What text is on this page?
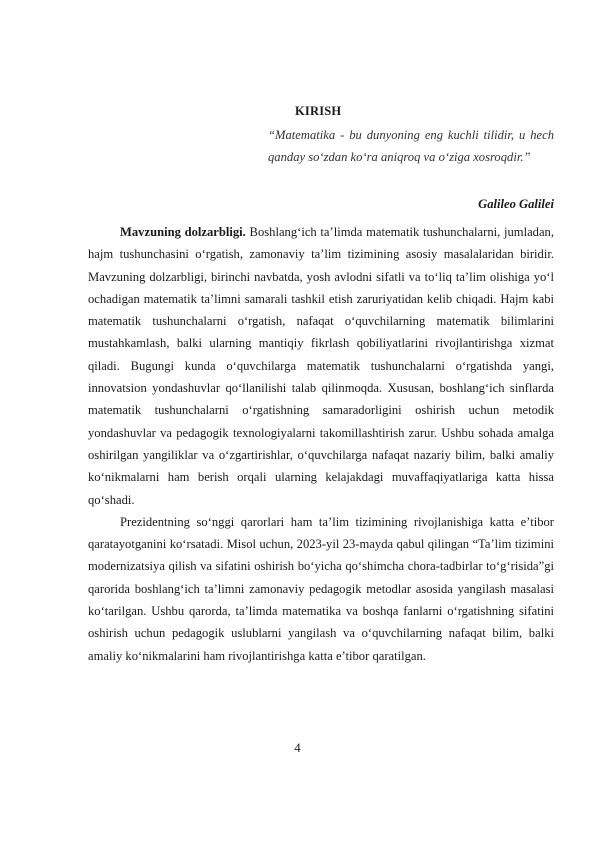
KIRISH

“Matematika - bu dunyoning eng kuchli tilidir, u hech qanday so‘zdan ko‘ra aniqroq va o‘ziga xosroqdir.”

Galileo Galilei

Mavzuning dolzarbligi. Boshlang‘ich ta’limda matematik tushunchalarni, jumladan, hajm tushunchasini o‘rgatish, zamonaviy ta’lim tizimining asosiy masalalaridan biridir. Mavzuning dolzarbligi, birinchi navbatda, yosh avlodni sifatli va to‘liq ta’lim olishiga yo‘l ochadigan matematik ta’limni samarali tashkil etish zaruriyatidan kelib chiqadi. Hajm kabi matematik tushunchalarni o‘rgatish, nafaqat o‘quvchilarning matematik bilimlarini mustahkamlash, balki ularning mantiqiy fikrlash qobiliyatlarini rivojlantirishga xizmat qiladi. Bugungi kunda o‘quvchilarga matematik tushunchalarni o‘rgatishda yangi, innovatsion yondashuvlar qo‘llanilishi talab qilinmoqda. Xususan, boshlang‘ich sinflarda matematik tushunchalarni o‘rgatishning samaradorligini oshirish uchun metodik yondashuvlar va pedagogik texnologiyalarni takomillashtirish zarur. Ushbu sohada amalga oshirilgan yangiliklar va o‘zgartirishlar, o‘quvchilarga nafaqat nazariy bilim, balki amaliy ko‘nikmalarni ham berish orqali ularning kelajakdagi muvaffaqiyatlariga katta hissa qo‘shadi.

Prezidentning so‘nggi qarorlari ham ta’lim tizimining rivojlanishiga katta e’tibor qaratayotganini ko‘rsatadi. Misol uchun, 2023-yil 23-mayda qabul qilingan “Ta’lim tizimini modernizatsiya qilish va sifatini oshirish bo‘yicha qo‘shimcha chora-tadbirlar to‘g‘risida”gi qarorida boshlang‘ich ta’limni zamonaviy pedagogik metodlar asosida yangilash masalasi ko‘tarilgan. Ushbu qarorda, ta’limda matematika va boshqa fanlarni o‘rgatishning sifatini oshirish uchun pedagogik uslublarni yangilash va o‘quvchilarning nafaqat bilim, balki amaliy ko‘nikmalarini ham rivojlantirishga katta e’tibor qaratilgan.

4
